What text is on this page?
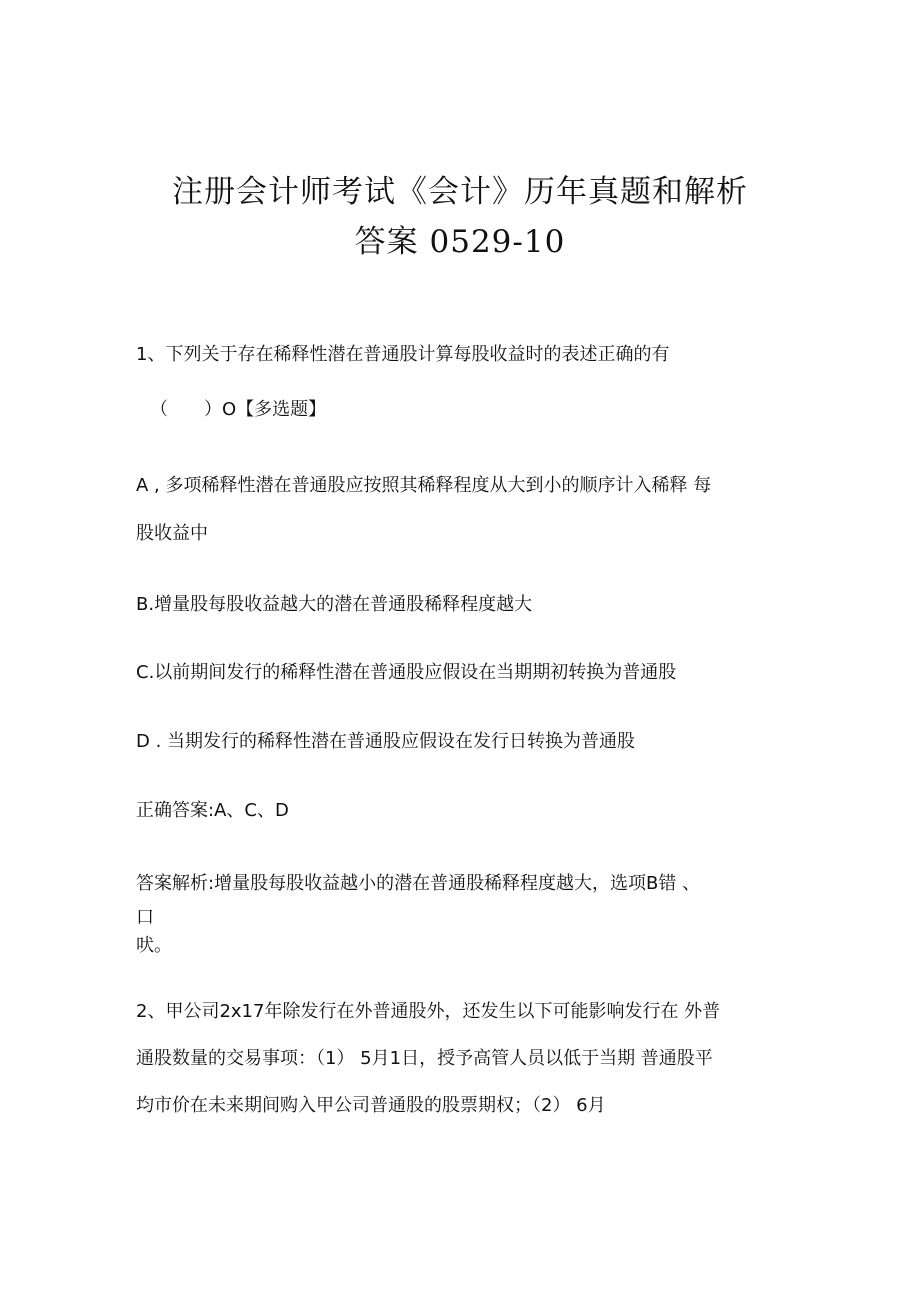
注册会计师考试《会计》历年真题和解析
答案 0529-10
1、下列关于存在稀释性潜在普通股计算每股收益时的表述正确的有
（　　）O【多选题】
A , 多项稀释性潜在普通股应按照其稀释程度从大到小的顺序计入稀释 每
股收益中
B.增量股每股收益越大的潜在普通股稀释程度越大
C.以前期间发行的稀释性潜在普通股应假设在当期期初转换为普通股
D . 当期发行的稀释性潜在普通股应假设在发行日转换为普通股
正确答案:A、C、D
答案解析:增量股每股收益越小的潜在普通股稀释程度越大，选项B错 、
口
吠。
2、甲公司2x17年除发行在外普通股外，还发生以下可能影响发行在 外普
通股数量的交易事项：（1） 5月1日，授予高管人员以低于当期 普通股平
均市价在未来期间购入甲公司普通股的股票期权；（2） 6月
